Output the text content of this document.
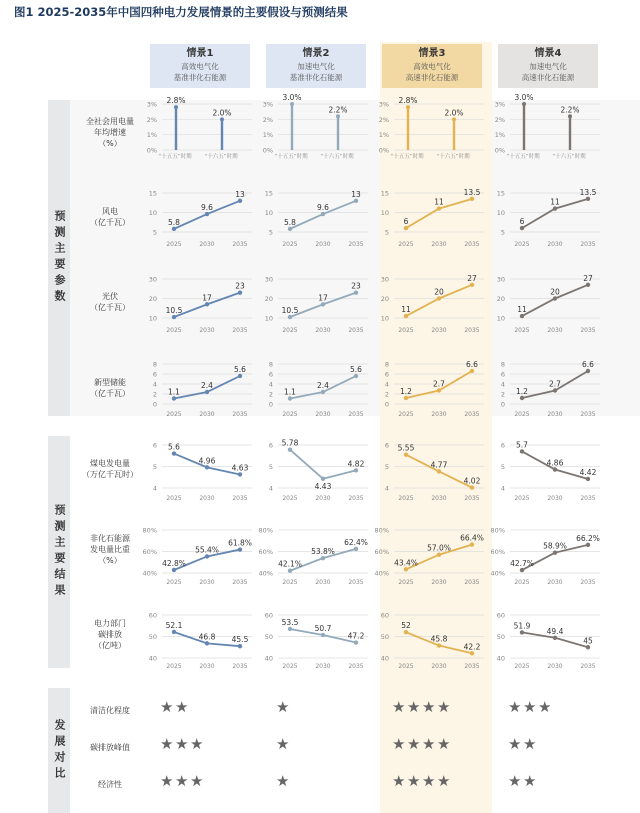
图1 2025-2035年中国四种电力发展情景的主要假设与预测结果
预测主要参数
预测主要结果
发展对比
情景1
高效电气化
基准非化石能源
情景2
加速电气化
基准非化石能源
情景3
高效电气化
高速非化石能源
情景4
加速电气化
高速非化石能源
全社会用电量
年均增速
（%）
风电
（亿千瓦）
光伏
（亿千瓦）
新型储能
（亿千瓦）
煤电发电量
（万亿千瓦时）
非化石能源
发电量比重
（%）
电力部门
碳排放
（亿吨）
清洁化程度
碳排放峰值
经济性
3%
2%
1%
0%
2.8%
“十五五”时期
2.0%
“十六五”时期
3%
2%
1%
0%
3.0%
“十五五”时期
2.2%
“十六五”时期
3%
2%
1%
0%
2.8%
“十五五”时期
2.0%
“十六五”时期
3%
2%
1%
0%
3.0%
“十五五”时期
2.2%
“十六五”时期
15
10
5
5.8
2025
9.6
2030
13
2035
15
10
5
5.8
2025
9.6
2030
13
2035
15
10
5
6
2025
11
2030
13.5
2035
15
10
5
6
2025
11
2030
13.5
2035
30
20
10
10.5
2025
17
2030
23
2035
30
20
10
10.5
2025
17
2030
23
2035
30
20
10
11
2025
20
2030
27
2035
30
20
10
11
2025
20
2030
27
2035
8
6
4
2
0
1.1
2025
2.4
2030
5.6
2035
8
6
4
2
0
1.1
2025
2.4
2030
5.6
2035
8
6
4
2
0
1.2
2025
2.7
2030
6.6
2035
8
6
4
2
0
1.2
2025
2.7
2030
6.6
2035
6
5
4
5.6
2025
4.96
2030
4.63
2035
6
5
4
5.78
2025
4.43
2030
4.82
2035
6
5
4
5.55
2025
4.77
2030
4.02
2035
6
5
4
5.7
2025
4.86
2030
4.42
2035
80%
60%
40%
42.8%
2025
55.4%
2030
61.8%
2035
80%
60%
40%
42.1%
2025
53.8%
2030
62.4%
2035
80%
60%
40%
43.4%
2025
57.0%
2030
66.4%
2035
80%
60%
40%
42.7%
2025
58.9%
2030
66.2%
2035
60
50
40
52.1
2025
46.8
2030
45.5
2035
60
50
40
53.5
2025
50.7
2030
47.2
2035
60
50
40
52
2025
45.8
2030
42.2
2035
60
50
40
51.9
2025
49.4
2030
45
2035
★ ★
★ ★ ★
★ ★ ★
★
★
★
★ ★ ★ ★
★ ★ ★ ★
★ ★ ★ ★
★ ★ ★
★ ★
★ ★
